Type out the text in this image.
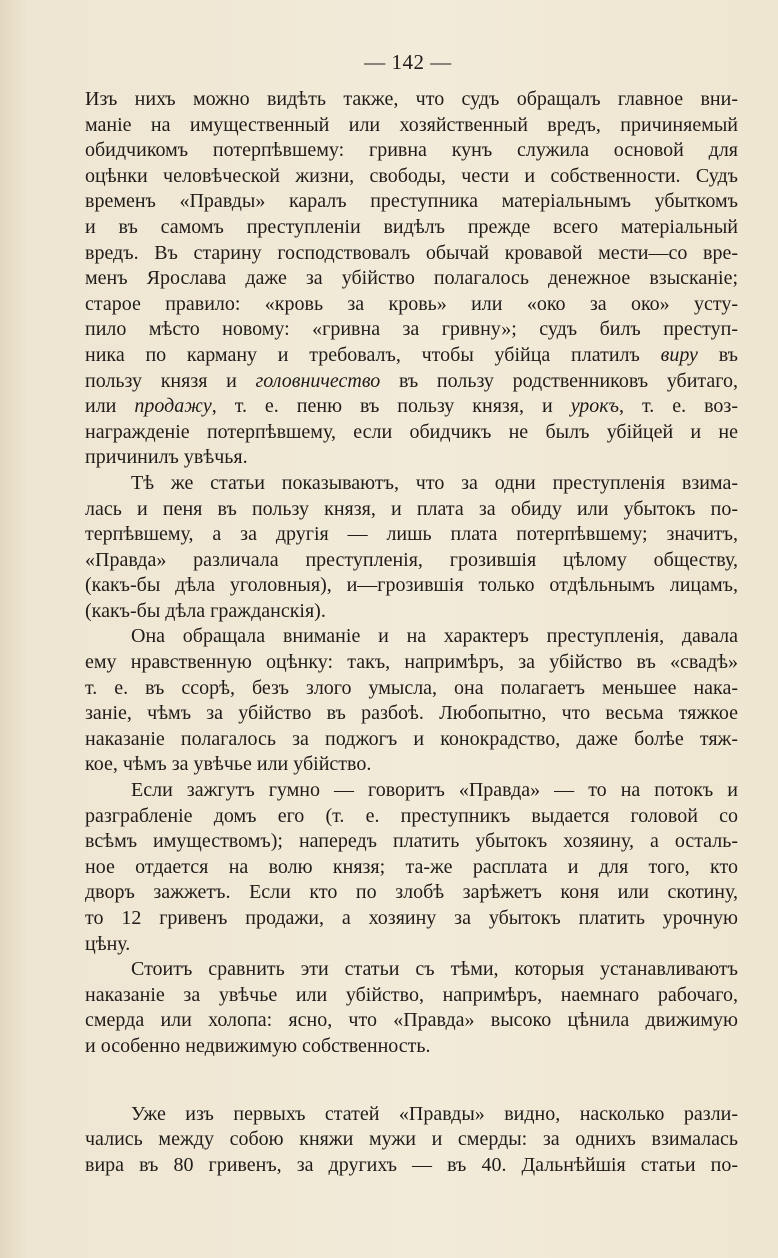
— 142 —
Изъ нихъ можно видѣть также, что судъ обращалъ главное вни-
маніе на имущественный или хозяйственный вредъ, причиняемый
обидчикомъ потерпѣвшему: гривна кунъ служила основой для
оцѣнки человѣческой жизни, свободы, чести и собственности. Судъ
временъ «Правды» каралъ преступника матеріальнымъ убыткомъ
и въ самомъ преступленіи видѣлъ прежде всего матеріальный
вредъ. Въ старину господствовалъ обычай кровавой мести—со вре-
менъ Ярослава даже за убійство полагалось денежное взысканіе;
старое правило: «кровь за кровь» или «око за око» усту-
пило мѣсто новому: «гривна за гривну»; судъ билъ преступ-
ника по карману и требовалъ, чтобы убійца платилъ виру въ
пользу князя и головничество въ пользу родственниковъ убитаго,
или продажу, т. е. пеню въ пользу князя, и урокъ, т. е. воз-
награжденіе потерпѣвшему, если обидчикъ не былъ убійцей и не
причинилъ увѣчья.
Тѣ же статьи показываютъ, что за одни преступленія взима-
лась и пеня въ пользу князя, и плата за обиду или убытокъ по-
терпѣвшему, а за другія — лишь плата потерпѣвшему; значитъ,
«Правда» различала преступленія, грозившія цѣлому обществу,
(какъ-бы дѣла уголовныя), и—грозившія только отдѣльнымъ лицамъ,
(какъ-бы дѣла гражданскія).
Она обращала вниманіе и на характеръ преступленія, давала
ему нравственную оцѣнку: такъ, напримѣръ, за убійство въ «свадѣ»
т. е. въ ссорѣ, безъ злого умысла, она полагаетъ меньшее нака-
заніе, чѣмъ за убійство въ разбоѣ. Любопытно, что весьма тяжкое
наказаніе полагалось за поджогъ и конокрадство, даже болѣе тяж-
кое, чѣмъ за увѣчье или убійство.
Если зажгутъ гумно — говоритъ «Правда» — то на потокъ и
разграбленіе домъ его (т. е. преступникъ выдается головой со
всѣмъ имуществомъ); напередъ платить убытокъ хозяину, а осталь-
ное отдается на волю князя; та-же расплата и для того, кто
дворъ зажжетъ. Если кто по злобѣ зарѣжетъ коня или скотину,
то 12 гривенъ продажи, а хозяину за убытокъ платить урочную
цѣну.
Стоитъ сравнить эти статьи съ тѣми, которыя устанавливаютъ
наказаніе за увѣчье или убійство, напримѣръ, наемнаго рабочаго,
смерда или холопа: ясно, что «Правда» высоко цѣнила движимую
и особенно недвижимую собственность.
Уже изъ первыхъ статей «Правды» видно, насколько разли-
чались между собою княжи мужи и смерды: за однихъ взималась
вира въ 80 гривенъ, за другихъ — въ 40. Дальнѣйшія статьи по-
